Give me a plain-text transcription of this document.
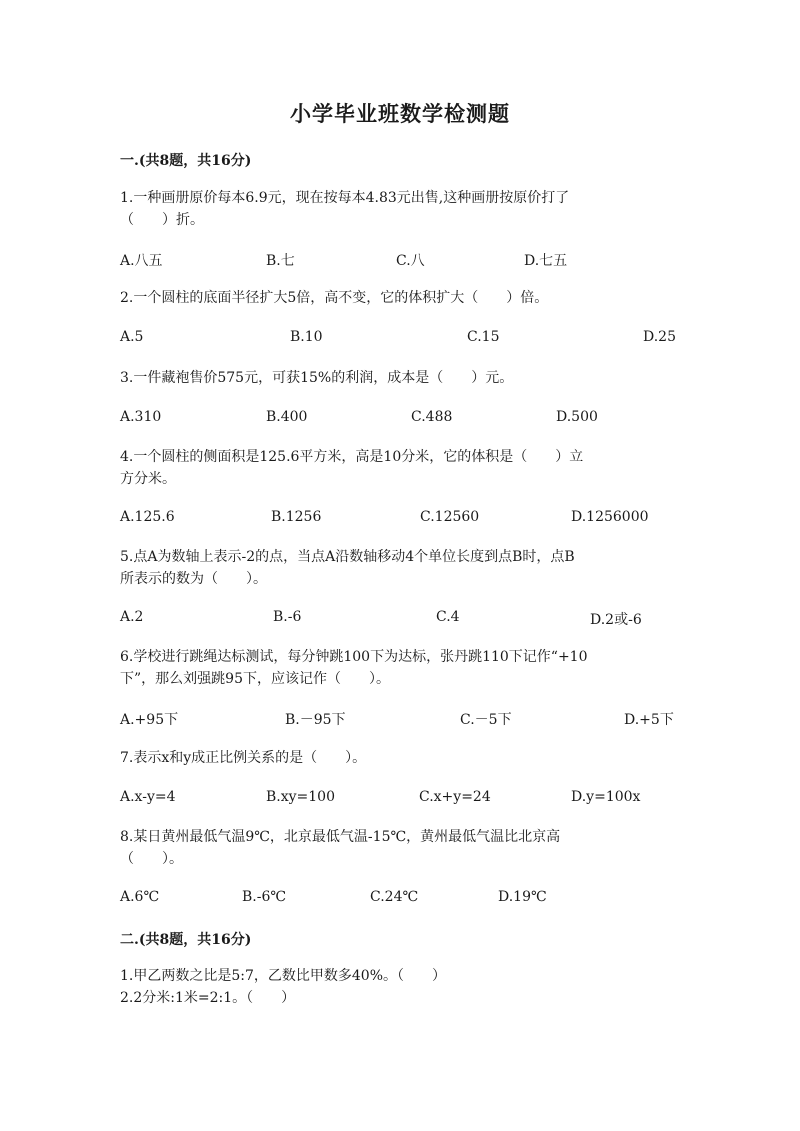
小学毕业班数学检测题
一.(共8题，共16分)
1.一种画册原价每本6.9元，现在按每本4.83元出售,这种画册按原价打了
（　　）折。
A.八五	B.七	C.八	D.七五
2.一个圆柱的底面半径扩大5倍，高不变，它的体积扩大（　　）倍。
A.5	B.10	C.15	D.25
3.一件藏袍售价575元，可获15%的利润，成本是（　　）元。
A.310	B.400	C.488	D.500
4.一个圆柱的侧面积是125.6平方米，高是10分米，它的体积是（　　）立
方分米。
A.125.6	B.1256	C.12560	D.1256000
5.点A为数轴上表示-2的点，当点A沿数轴移动4个单位长度到点B时，点B
所表示的数为（　　）。
A.2	B.-6	C.4	D.2或-6
6.学校进行跳绳达标测试，每分钟跳100下为达标，张丹跳110下记作“+10
下”，那么刘强跳95下，应该记作（　　）。
A.+95下	B.－95下	C.－5下	D.+5下
7.表示x和y成正比例关系的是（　　）。
A.x-y=4	B.xy=100	C.x+y=24	D.y=100x
8.某日黄州最低气温9℃，北京最低气温-15℃，黄州最低气温比北京高
（　　）。
A.6℃	B.-6℃	C.24℃	D.19℃
二.(共8题，共16分)
1.甲乙两数之比是5:7，乙数比甲数多40%。（　　）
2.2分米:1米=2:1。（　　）
